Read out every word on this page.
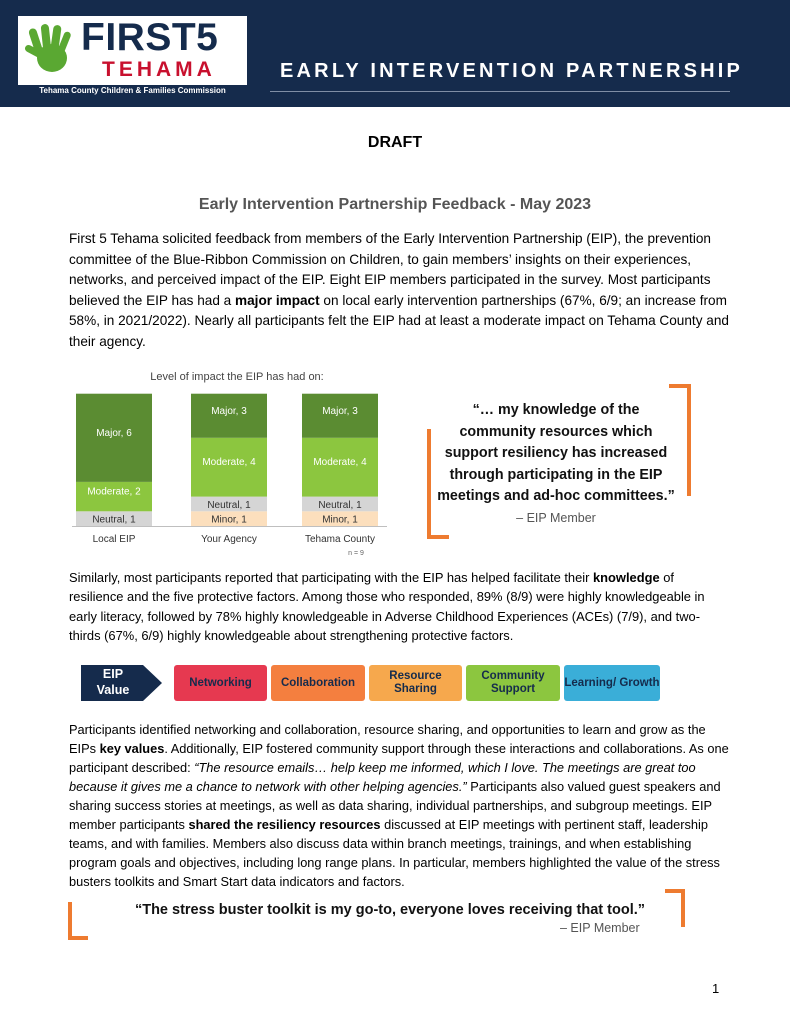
FIRST5
TEHAMA
Tehama County Children & Families Commission
EARLY INTERVENTION PARTNERSHIP
DRAFT
Early Intervention Partnership Feedback - May 2023

First 5 Tehama solicited feedback from members of the Early Intervention Partnership (EIP), the prevention committee of the Blue-Ribbon Commission on Children, to gain members’ insights on their experiences, networks, and perceived impact of the EIP. Eight EIP members participated in the survey. Most participants believed the EIP has had a major impact on local early intervention partnerships (67%, 6/9; an increase from 58%, in 2021/2022). Nearly all participants felt the EIP had at least a moderate impact on Tehama County and their agency.

Level of impact the EIP has had on:
Neutral, 1
Moderate, 2
Major, 6
Local EIP
Minor, 1
Neutral, 1
Moderate, 4
Major, 3
Your Agency
Minor, 1
Neutral, 1
Moderate, 4
Major, 3
Tehama County
n = 9
“… my knowledge of the community resources which support resiliency has increased through participating in the EIP meetings and ad-hoc committees.” – EIP Member

Similarly, most participants reported that participating with the EIP has helped facilitate their knowledge of resilience and the five protective factors. Among those who responded, 89% (8/9) were highly knowledgeable in early literacy, followed by 78% highly knowledgeable in Adverse Childhood Experiences (ACEs) (7/9), and two-thirds (67%, 6/9) highly knowledgeable about strengthening protective factors.

EIP
Value	Networking	Collaboration
Resource Sharing
Community Support
Learning/ Growth

Participants identified networking and collaboration, resource sharing, and opportunities to learn and grow as the EIPs key values. Additionally, EIP fostered community support through these interactions and collaborations. As one participant described: “The resource emails… help keep me informed, which I love. The meetings are great too because it gives me a chance to network with other helping agencies.” Participants also valued guest speakers and sharing success stories at meetings, as well as data sharing, individual partnerships, and subgroup meetings. EIP member participants shared the resiliency resources discussed at EIP meetings with pertinent staff, leadership teams, and with families. Members also discuss data within branch meetings, trainings, and when establishing program goals and objectives, including long range plans. In particular, members highlighted the value of the stress busters toolkits and Smart Start data indicators and factors.

“The stress buster toolkit is my go-to, everyone loves receiving that tool.”
– EIP Member
1
